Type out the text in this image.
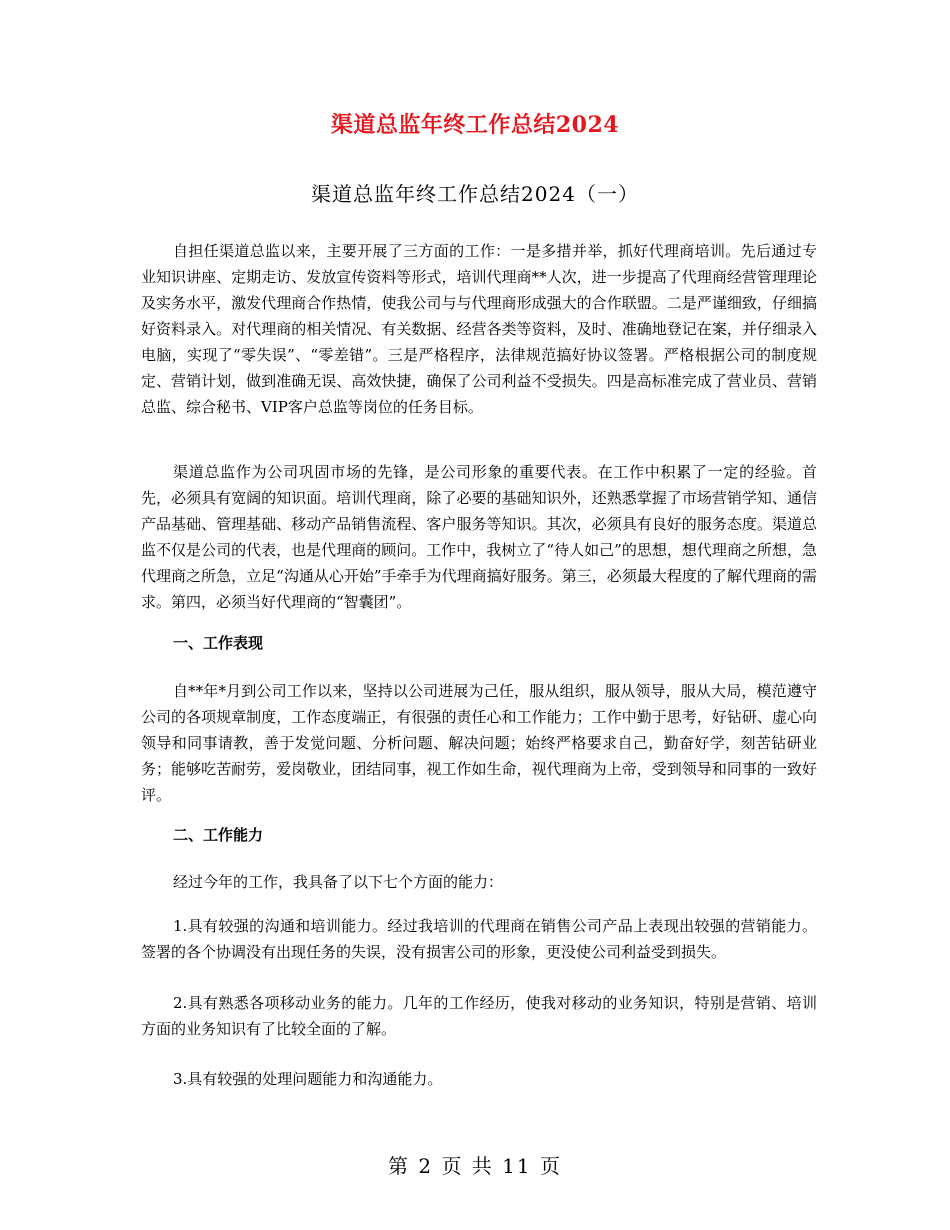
渠道总监年终工作总结2024
渠道总监年终工作总结2024（一）
自担任渠道总监以来，主要开展了三方面的工作：一是多措并举，抓好代理商培训。先后通过专业知识讲座、定期走访、发放宣传资料等形式，培训代理商**人次，进一步提高了代理商经营管理理论及实务水平，激发代理商合作热情，使我公司与与代理商形成强大的合作联盟。二是严谨细致，仔细搞好资料录入。对代理商的相关情况、有关数据、经营各类等资料，及时、准确地登记在案，并仔细录入电脑，实现了“零失误”、“零差错”。三是严格程序，法律规范搞好协议签署。严格根据公司的制度规定、营销计划，做到准确无误、高效快捷，确保了公司利益不受损失。四是高标准完成了营业员、营销总监、综合秘书、VIP客户总监等岗位的任务目标。
渠道总监作为公司巩固市场的先锋，是公司形象的重要代表。在工作中积累了一定的经验。首先，必须具有宽阔的知识面。培训代理商，除了必要的基础知识外，还熟悉掌握了市场营销学知、通信产品基础、管理基础、移动产品销售流程、客户服务等知识。其次，必须具有良好的服务态度。渠道总监不仅是公司的代表，也是代理商的顾问。工作中，我树立了“待人如己”的思想，想代理商之所想，急代理商之所急，立足“沟通从心开始”手牵手为代理商搞好服务。第三，必须最大程度的了解代理商的需求。第四，必须当好代理商的“智囊团”。
一、工作表现
自**年*月到公司工作以来，坚持以公司进展为己任，服从组织，服从领导，服从大局，模范遵守公司的各项规章制度，工作态度端正，有很强的责任心和工作能力；工作中勤于思考，好钻研、虚心向领导和同事请教，善于发觉问题、分析问题、解决问题；始终严格要求自己，勤奋好学，刻苦钻研业务；能够吃苦耐劳，爱岗敬业，团结同事，视工作如生命，视代理商为上帝，受到领导和同事的一致好评。
二、工作能力
经过今年的工作，我具备了以下七个方面的能力：
1.具有较强的沟通和培训能力。经过我培训的代理商在销售公司产品上表现出较强的营销能力。签署的各个协调没有出现任务的失误，没有损害公司的形象，更没使公司利益受到损失。
2.具有熟悉各项移动业务的能力。几年的工作经历，使我对移动的业务知识，特别是营销、培训方面的业务知识有了比较全面的了解。
3.具有较强的处理问题能力和沟通能力。
第 2 页 共 11 页
